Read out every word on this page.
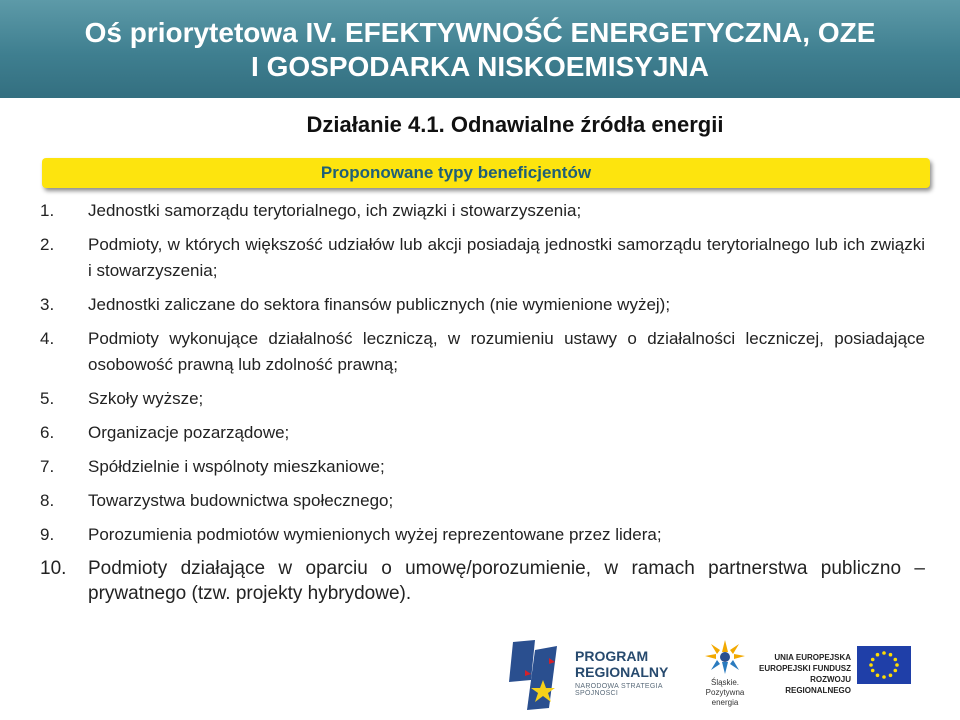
Oś priorytetowa IV. EFEKTYWNOŚĆ ENERGETYCZNA, OZE
I GOSPODARKA NISKOEMISYJNA
Działanie 4.1. Odnawialne źródła energii
Proponowane typy beneficjentów
1.	Jednostki samorządu terytorialnego, ich związki i stowarzyszenia;
2.	Podmioty, w których większość udziałów lub akcji posiadają jednostki samorządu terytorialnego lub ich związki i stowarzyszenia;
3.	Jednostki zaliczane do sektora finansów publicznych (nie wymienione wyżej);
4.	Podmioty wykonujące działalność leczniczą, w rozumieniu ustawy o działalności leczniczej, posiadające osobowość prawną lub zdolność prawną;
5.	Szkoły wyższe;
6.	Organizacje pozarządowe;
7.	Spółdzielnie i wspólnoty mieszkaniowe;
8.	Towarzystwa budownictwa społecznego;
9.	Porozumienia podmiotów wymienionych wyżej reprezentowane przez lidera;
10.	Podmioty działające w oparciu o umowę/porozumienie, w ramach partnerstwa publiczno – prywatnego (tzw. projekty hybrydowe).
PROGRAM
REGIONALNY
NARODOWA STRATEGIA SPÓJNOŚCI
Śląskie.
Pozytywna energia
UNIA EUROPEJSKA
EUROPEJSKI FUNDUSZ
ROZWOJU REGIONALNEGO
